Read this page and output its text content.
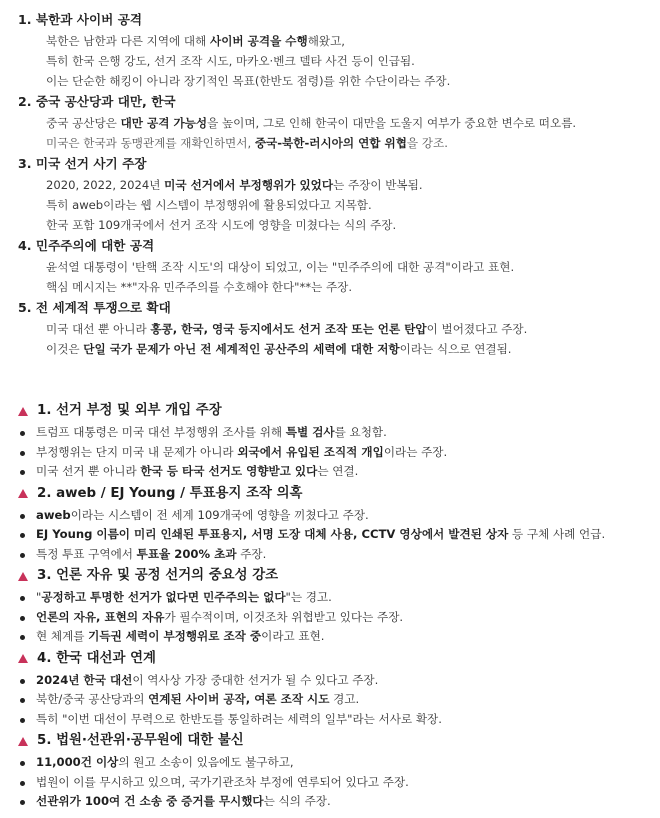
1. 북한과 사이버 공격
북한은 남한과 다른 지역에 대해 사이버 공격을 수행해왔고,
특히 한국 은행 강도, 선거 조작 시도, 마카오·벤크 델타 사건 등이 인급됨.
이는 단순한 해킹이 아니라 장기적인 목표(한반도 점령)를 위한 수단이라는 주장.
2. 중국 공산당과 대만, 한국
중국 공산당은 대만 공격 가능성을 높이며, 그로 인해 한국이 대만을 도울지 여부가 중요한 변수로 떠오름.
미국은 한국과 동맹관계를 재확인하면서, 중국-북한-러시아의 연합 위협을 강조.
3. 미국 선거 사기 주장
2020, 2022, 2024년 미국 선거에서 부정행위가 있었다는 주장이 반복됨.
특히 aweb이라는 웹 시스템이 부정행위에 활용되었다고 지목함.
한국 포함 109개국에서 선거 조작 시도에 영향을 미쳤다는 식의 주장.
4. 민주주의에 대한 공격
윤석열 대통령이 '탄핵 조작 시도'의 대상이 되었고, 이는 "민주주의에 대한 공격"이라고 표현.
핵심 메시지는 **"자유 민주주의를 수호해야 한다"**는 주장.
5. 전 세계적 투쟁으로 확대
미국 대선 뿐 아니라 홍콩, 한국, 영국 등지에서도 선거 조작 또는 언론 탄압이 벌어졌다고 주장.
이것은 단일 국가 문제가 아닌 전 세계적인 공산주의 세력에 대한 저항이라는 식으로 연결됨.
1. 선거 부정 및 외부 개입 주장
트럼프 대통령은 미국 대선 부정행위 조사를 위해 특별 검사를 요청함.
부정행위는 단지 미국 내 문제가 아니라 외국에서 유입된 조직적 개입이라는 주장.
미국 선거 뿐 아니라 한국 등 타국 선거도 영향받고 있다는 연결.
2. aweb / EJ Young / 투표용지 조작 의혹
aweb이라는 시스템이 전 세계 109개국에 영향을 끼쳤다고 주장.
EJ Young 이름이 미리 인쇄된 투표용지, 서명 도장 대체 사용, CCTV 영상에서 발견된 상자 등 구체 사례 언급.
특정 투표 구역에서 투표율 200% 초과 주장.
3. 언론 자유 및 공정 선거의 중요성 강조
"공정하고 투명한 선거가 없다면 민주주의는 없다"는 경고.
언론의 자유, 표현의 자유가 필수적이며, 이것조차 위협받고 있다는 주장.
현 체계를 기득권 세력이 부정행위로 조작 중이라고 표현.
4. 한국 대선과 연계
2024년 한국 대선이 역사상 가장 중대한 선거가 될 수 있다고 주장.
북한/중국 공산당과의 연계된 사이버 공작, 여론 조작 시도 경고.
특히 "이번 대선이 무력으로 한반도를 통일하려는 세력의 일부"라는 서사로 확장.
5. 법원·선관위·공무원에 대한 불신
11,000건 이상의 원고 소송이 있음에도 불구하고,
법원이 이를 무시하고 있으며, 국가기관조차 부정에 연루되어 있다고 주장.
선관위가 100여 건 소송 중 증거를 무시했다는 식의 주장.
